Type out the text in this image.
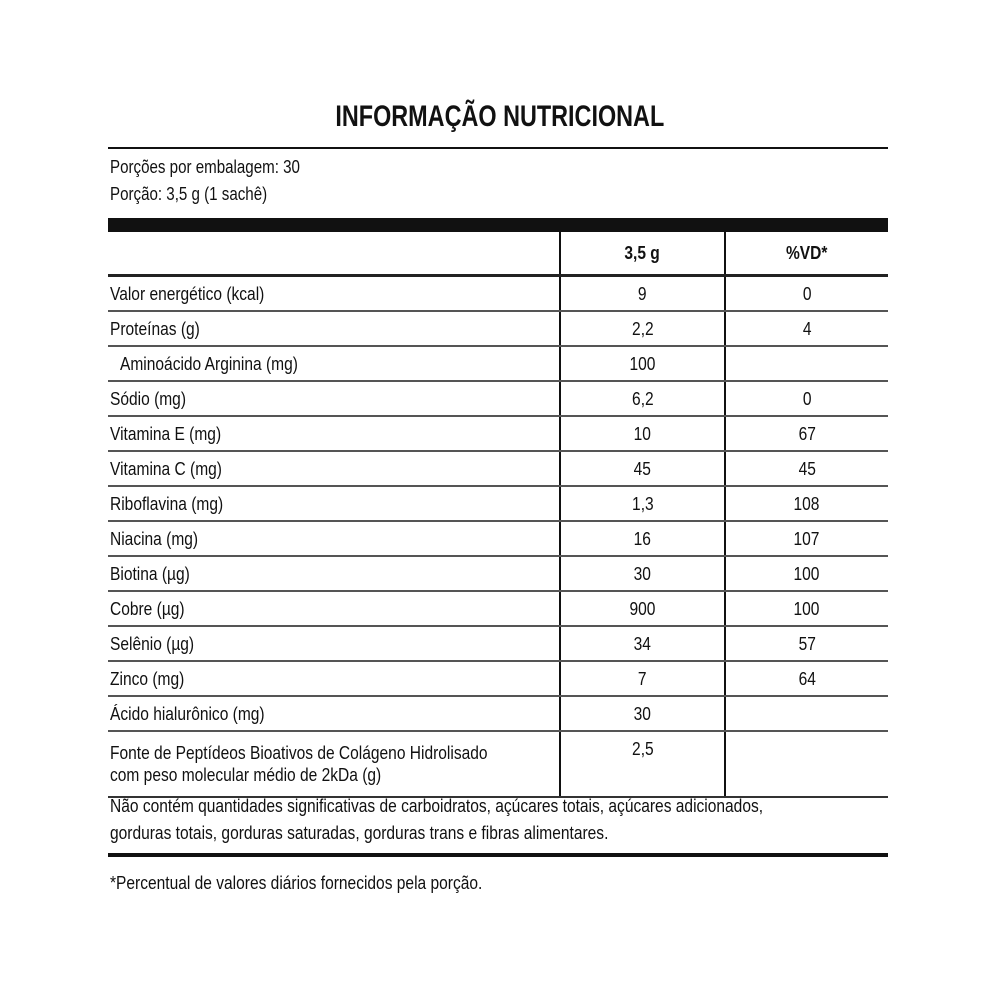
INFORMAÇÃO NUTRICIONAL
Porções por embalagem: 30
Porção: 3,5 g (1 sachê)
	3,5 g	%VD*

Valor energético (kcal)	9	0

Proteínas (g)	2,2	4

Aminoácido Arginina (mg)	100	

Sódio (mg)	6,2	0

Vitamina E (mg)	10	67

Vitamina C (mg)	45	45

Riboflavina (mg)	1,3	108

Niacina (mg)	16	107

Biotina (µg)	30	100

Cobre (µg)	900	100

Selênio (µg)	34	57

Zinco (mg)	7	64

Ácido hialurônico (mg)	30	

Fonte de Peptídeos Bioativos de Colágeno Hidrolisado
com peso molecular médio de 2kDa (g)	2,5	
Não contém quantidades significativas de carboidratos, açúcares totais, açúcares adicionados,
gorduras totais, gorduras saturadas, gorduras trans e fibras alimentares.
*Percentual de valores diários fornecidos pela porção.
